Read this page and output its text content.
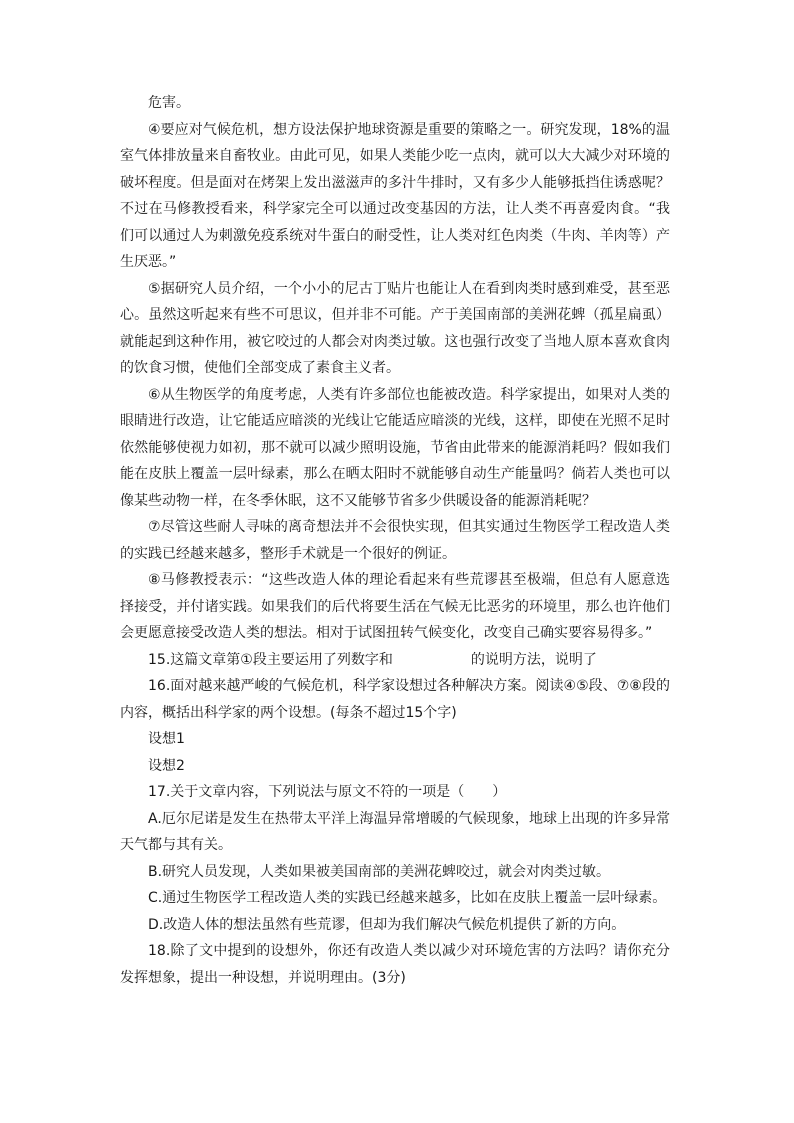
危害。

④要应对气候危机，想方设法保护地球资源是重要的策略之一。研究发现，18%的温室气体排放量来自畜牧业。由此可见，如果人类能少吃一点肉，就可以大大减少对环境的破坏程度。但是面对在烤架上发出滋滋声的多汁牛排时，又有多少人能够抵挡住诱惑呢？不过在马修教授看来，科学家完全可以通过改变基因的方法，让人类不再喜爱肉食。“我们可以通过人为刺激免疫系统对牛蛋白的耐受性，让人类对红色肉类（牛肉、羊肉等）产生厌恶。”

⑤据研究人员介绍，一个小小的尼古丁贴片也能让人在看到肉类时感到难受，甚至恶心。虽然这听起来有些不可思议，但并非不可能。产于美国南部的美洲花蜱（孤星扁虱）就能起到这种作用，被它咬过的人都会对肉类过敏。这也强行改变了当地人原本喜欢食肉的饮食习惯，使他们全部变成了素食主义者。

⑥从生物医学的角度考虑，人类有许多部位也能被改造。科学家提出，如果对人类的眼睛进行改造，让它能适应暗淡的光线让它能适应暗淡的光线，这样，即使在光照不足时依然能够使视力如初，那不就可以减少照明设施，节省由此带来的能源消耗吗？假如我们能在皮肤上覆盖一层叶绿素，那么在晒太阳时不就能够自动生产能量吗？倘若人类也可以像某些动物一样，在冬季休眠，这不又能够节省多少供暖设备的能源消耗呢？

⑦尽管这些耐人寻味的离奇想法并不会很快实现，但其实通过生物医学工程改造人类的实践已经越来越多，整形手术就是一个很好的例证。

⑧马修教授表示：“这些改造人体的理论看起来有些荒谬甚至极端，但总有人愿意选择接受，并付诸实践。如果我们的后代将要生活在气候无比恶劣的环境里，那么也许他们会更愿意接受改造人类的想法。相对于试图扭转气候变化，改变自己确实要容易得多。”

15.这篇文章第①段主要运用了列数字和	的说明方法，说明了

16.面对越来越严峻的气候危机，科学家设想过各种解决方案。阅读④⑤段、⑦⑧段的内容，概括出科学家的两个设想。(每条不超过15个字)

设想1

设想2

17.关于文章内容，下列说法与原文不符的一项是（　　）

A.厄尔尼诺是发生在热带太平洋上海温异常增暖的气候现象，地球上出现的许多异常天气都与其有关。

B.研究人员发现，人类如果被美国南部的美洲花蜱咬过，就会对肉类过敏。

C.通过生物医学工程改造人类的实践已经越来越多，比如在皮肤上覆盖一层叶绿素。

D.改造人体的想法虽然有些荒谬，但却为我们解决气候危机提供了新的方向。

18.除了文中提到的设想外，你还有改造人类以减少对环境危害的方法吗？请你充分发挥想象，提出一种设想，并说明理由。(3分)
